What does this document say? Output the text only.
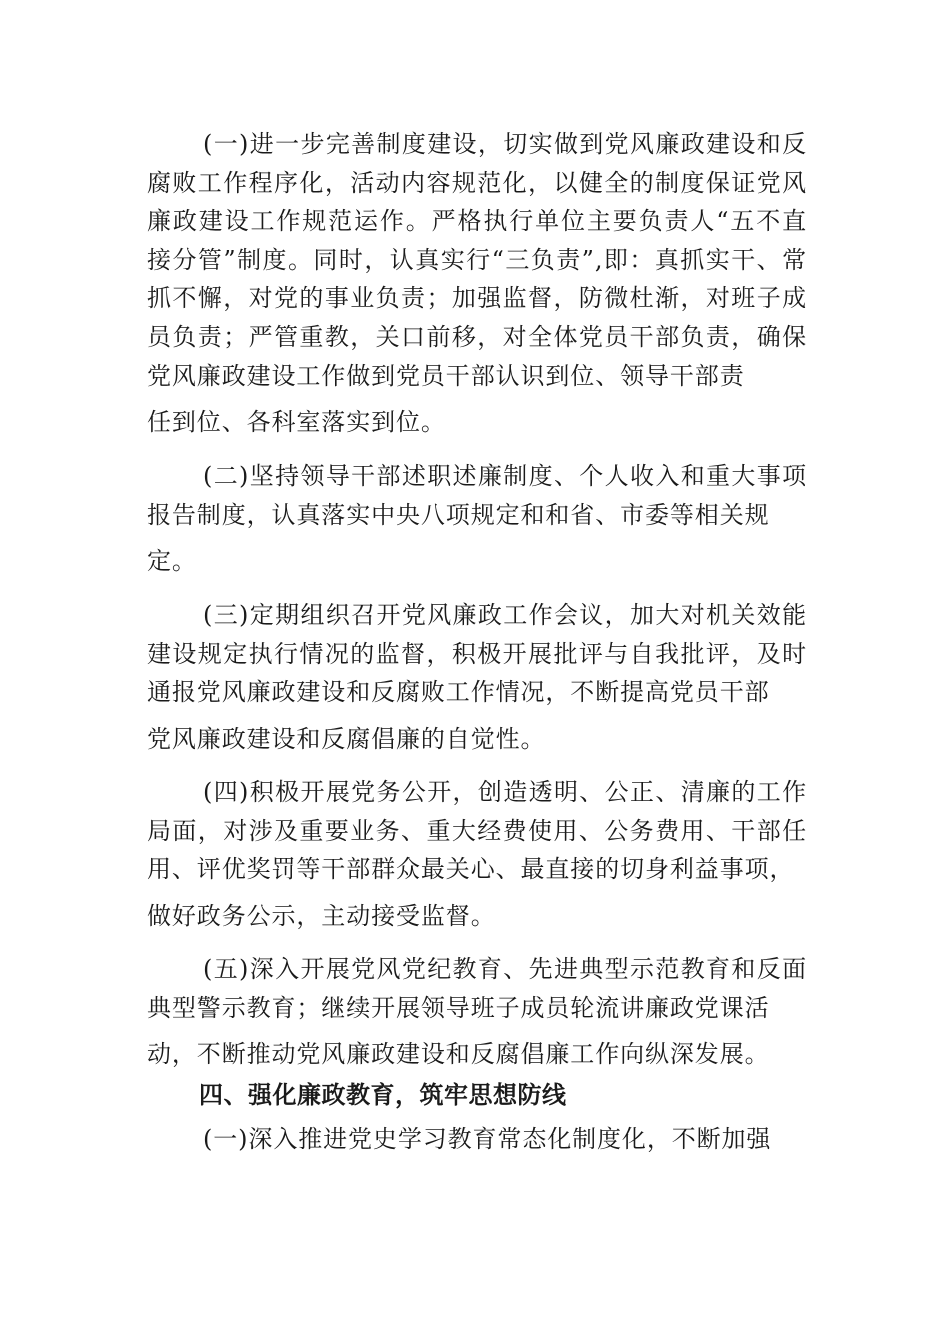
(一)进一步完善制度建设，切实做到党风廉政建设和反腐败工作程序化，活动内容规范化，以健全的制度保证党风廉政建设工作规范运作。严格执行单位主要负责人“五不直接分管”制度。同时，认真实行“三负责”,即：真抓实干、常抓不懈，对党的事业负责；加强监督，防微杜渐，对班子成员负责；严管重教，关口前移，对全体党员干部负责，确保党风廉政建设工作做到党员干部认识到位、领导干部责
任到位、各科室落实到位。

(二)坚持领导干部述职述廉制度、个人收入和重大事项报告制度，认真落实中央八项规定和和省、市委等相关规
定。

(三)定期组织召开党风廉政工作会议，加大对机关效能建设规定执行情况的监督，积极开展批评与自我批评，及时通报党风廉政建设和反腐败工作情况，不断提高党员干部
党风廉政建设和反腐倡廉的自觉性。

(四)积极开展党务公开，创造透明、公正、清廉的工作局面，对涉及重要业务、重大经费使用、公务费用、干部任用、评优奖罚等干部群众最关心、最直接的切身利益事项，
做好政务公示，主动接受监督。

(五)深入开展党风党纪教育、先进典型示范教育和反面典型警示教育；继续开展领导班子成员轮流讲廉政党课活
动，不断推动党风廉政建设和反腐倡廉工作向纵深发展。

四、强化廉政教育，筑牢思想防线

(一)深入推进党史学习教育常态化制度化，不断加强
